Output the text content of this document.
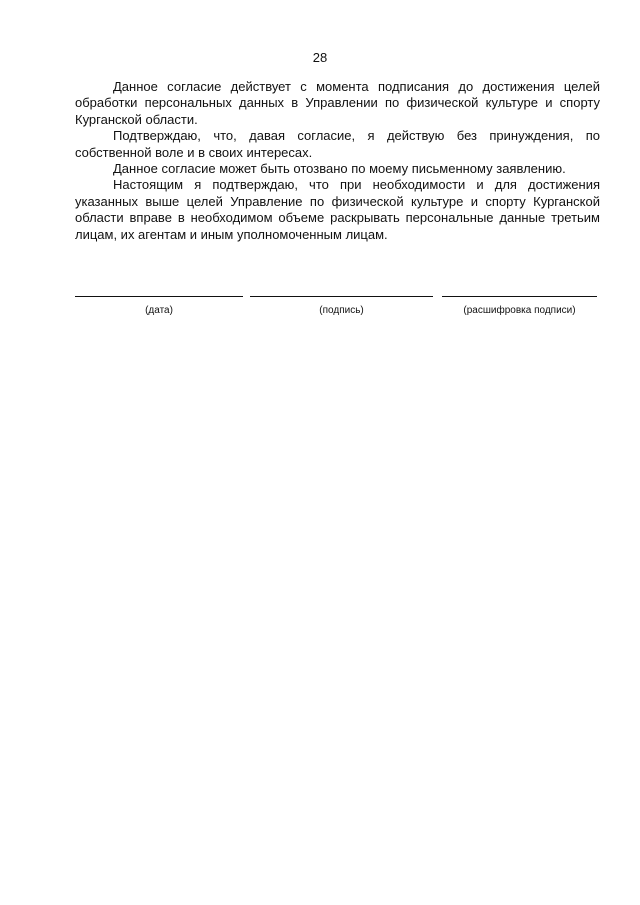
28

Данное согласие действует с момента подписания до достижения целей обработки персональных данных в Управлении по физической культуре и спорту Курганской области.

Подтверждаю, что, давая согласие, я действую без принуждения, по собственной воле и в своих интересах.

Данное согласие может быть отозвано по моему письменному заявлению.

Настоящим я подтверждаю, что при необходимости и для достижения указанных выше целей Управление по физической культуре и спорту Курганской области вправе в необходимом объеме раскрывать персональные данные третьим лицам, их агентам и иным уполномоченным лицам.

(дата)	(подпись)	(расшифровка подписи)
